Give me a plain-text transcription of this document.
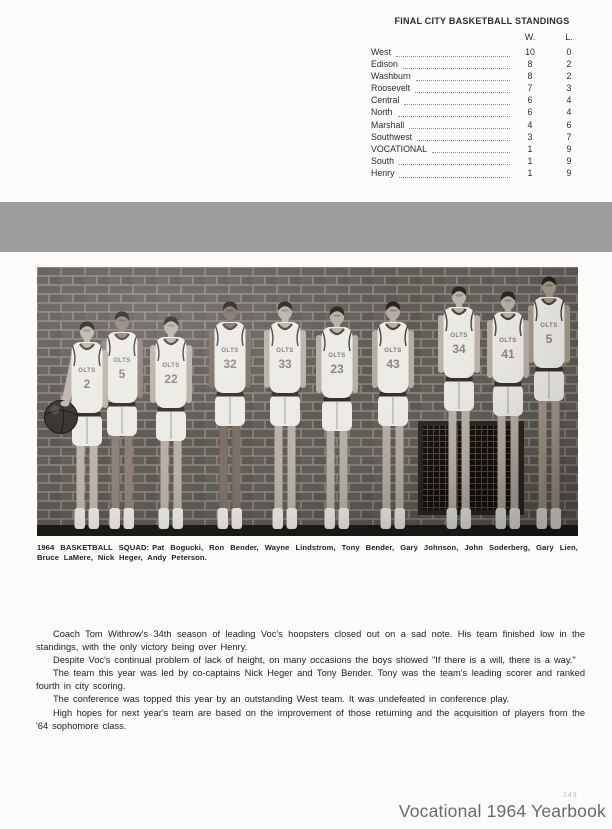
FINAL CITY BASKETBALL STANDINGS
W.	L.
West	10	0
Edison	8	2
Washburn	8	2
Roosevelt	7	3
Central	6	4
North	6	4
Marshall	4	6
Southwest	3	7
VOCATIONAL	1	9
South	1	9
Henry	1	9

1964 BASKETBALL SQUAD: Pat Bogucki, Ron Bender, Wayne Lindstrom, Tony Bender, Gary Johnson, John Soderberg, Gary Lien, Bruce LaMere, Nick Heger, Andy Peterson.

Coach Tom Withrow's 34th season of leading Voc's hoopsters closed out on a sad note. His team finished low in the standings, with the only victory being over Henry.

Despite Voc's continual problem of lack of height, on many occasions the boys showed "If there is a will, there is a way."

The team this year was led by co-captains Nick Heger and Tony Bender. Tony was the team's leading scorer and ranked fourth in city scoring.

The conference was topped this year by an outstanding West team. It was undefeated in conference play.

High hopes for next year's team are based on the improvement of those returning and the acquisition of players from the '64 sophomore class.

143
Vocational 1964 Yearbook
